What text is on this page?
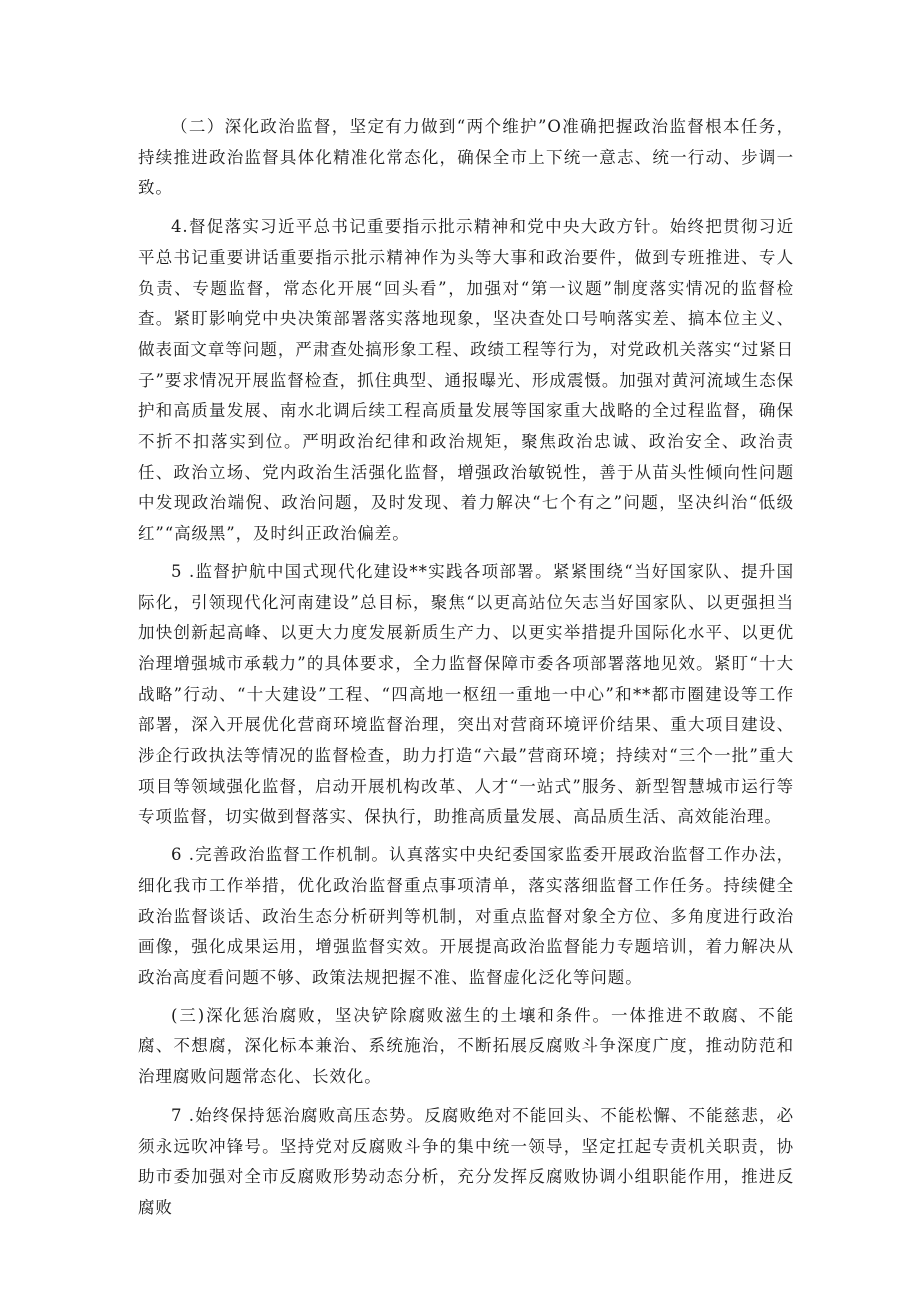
（二）深化政治监督，坚定有力做到“两个维护”O准确把握政治监督根本任务，持续推进政治监督具体化精准化常态化，确保全市上下统一意志、统一行动、步调一致。

4.督促落实习近平总书记重要指示批示精神和党中央大政方针。始终把贯彻习近平总书记重要讲话重要指示批示精神作为头等大事和政治要件，做到专班推进、专人负责、专题监督，常态化开展“回头看”，加强对“第一议题”制度落实情况的监督检查。紧盯影响党中央决策部署落实落地现象，坚决查处口号响落实差、搞本位主义、做表面文章等问题，严肃查处搞形象工程、政绩工程等行为，对党政机关落实“过紧日子”要求情况开展监督检查，抓住典型、通报曝光、形成震慑。加强对黄河流域生态保护和高质量发展、南水北调后续工程高质量发展等国家重大战略的全过程监督，确保不折不扣落实到位。严明政治纪律和政治规矩，聚焦政治忠诚、政治安全、政治责任、政治立场、党内政治生活强化监督，增强政治敏锐性，善于从苗头性倾向性问题中发现政治端倪、政治问题，及时发现、着力解决“七个有之”问题，坚决纠治“低级红”“高级黑”，及时纠正政治偏差。

5 .监督护航中国式现代化建设**实践各项部署。紧紧围绕“当好国家队、提升国际化，引领现代化河南建设”总目标，聚焦“以更高站位矢志当好国家队、以更强担当加快创新起高峰、以更大力度发展新质生产力、以更实举措提升国际化水平、以更优治理增强城市承载力”的具体要求，全力监督保障市委各项部署落地见效。紧盯“十大战略”行动、“十大建设”工程、“四高地一枢纽一重地一中心”和**都市圈建设等工作部署，深入开展优化营商环境监督治理，突出对营商环境评价结果、重大项目建设、涉企行政执法等情况的监督检查，助力打造“六最”营商环境；持续对“三个一批”重大项目等领域强化监督，启动开展机构改革、人才“一站式”服务、新型智慧城市运行等专项监督，切实做到督落实、保执行，助推高质量发展、高品质生活、高效能治理。

6 .完善政治监督工作机制。认真落实中央纪委国家监委开展政治监督工作办法，细化我市工作举措，优化政治监督重点事项清单，落实落细监督工作任务。持续健全政治监督谈话、政治生态分析研判等机制，对重点监督对象全方位、多角度进行政治画像，强化成果运用，增强监督实效。开展提高政治监督能力专题培训，着力解决从政治高度看问题不够、政策法规把握不准、监督虚化泛化等问题。

(三)深化惩治腐败，坚决铲除腐败滋生的土壤和条件。一体推进不敢腐、不能腐、不想腐，深化标本兼治、系统施治，不断拓展反腐败斗争深度广度，推动防范和治理腐败问题常态化、长效化。

7 .始终保持惩治腐败高压态势。反腐败绝对不能回头、不能松懈、不能慈悲，必须永远吹冲锋号。坚持党对反腐败斗争的集中统一领导，坚定扛起专责机关职责，协助市委加强对全市反腐败形势动态分析，充分发挥反腐败协调小组职能作用，推进反腐败
